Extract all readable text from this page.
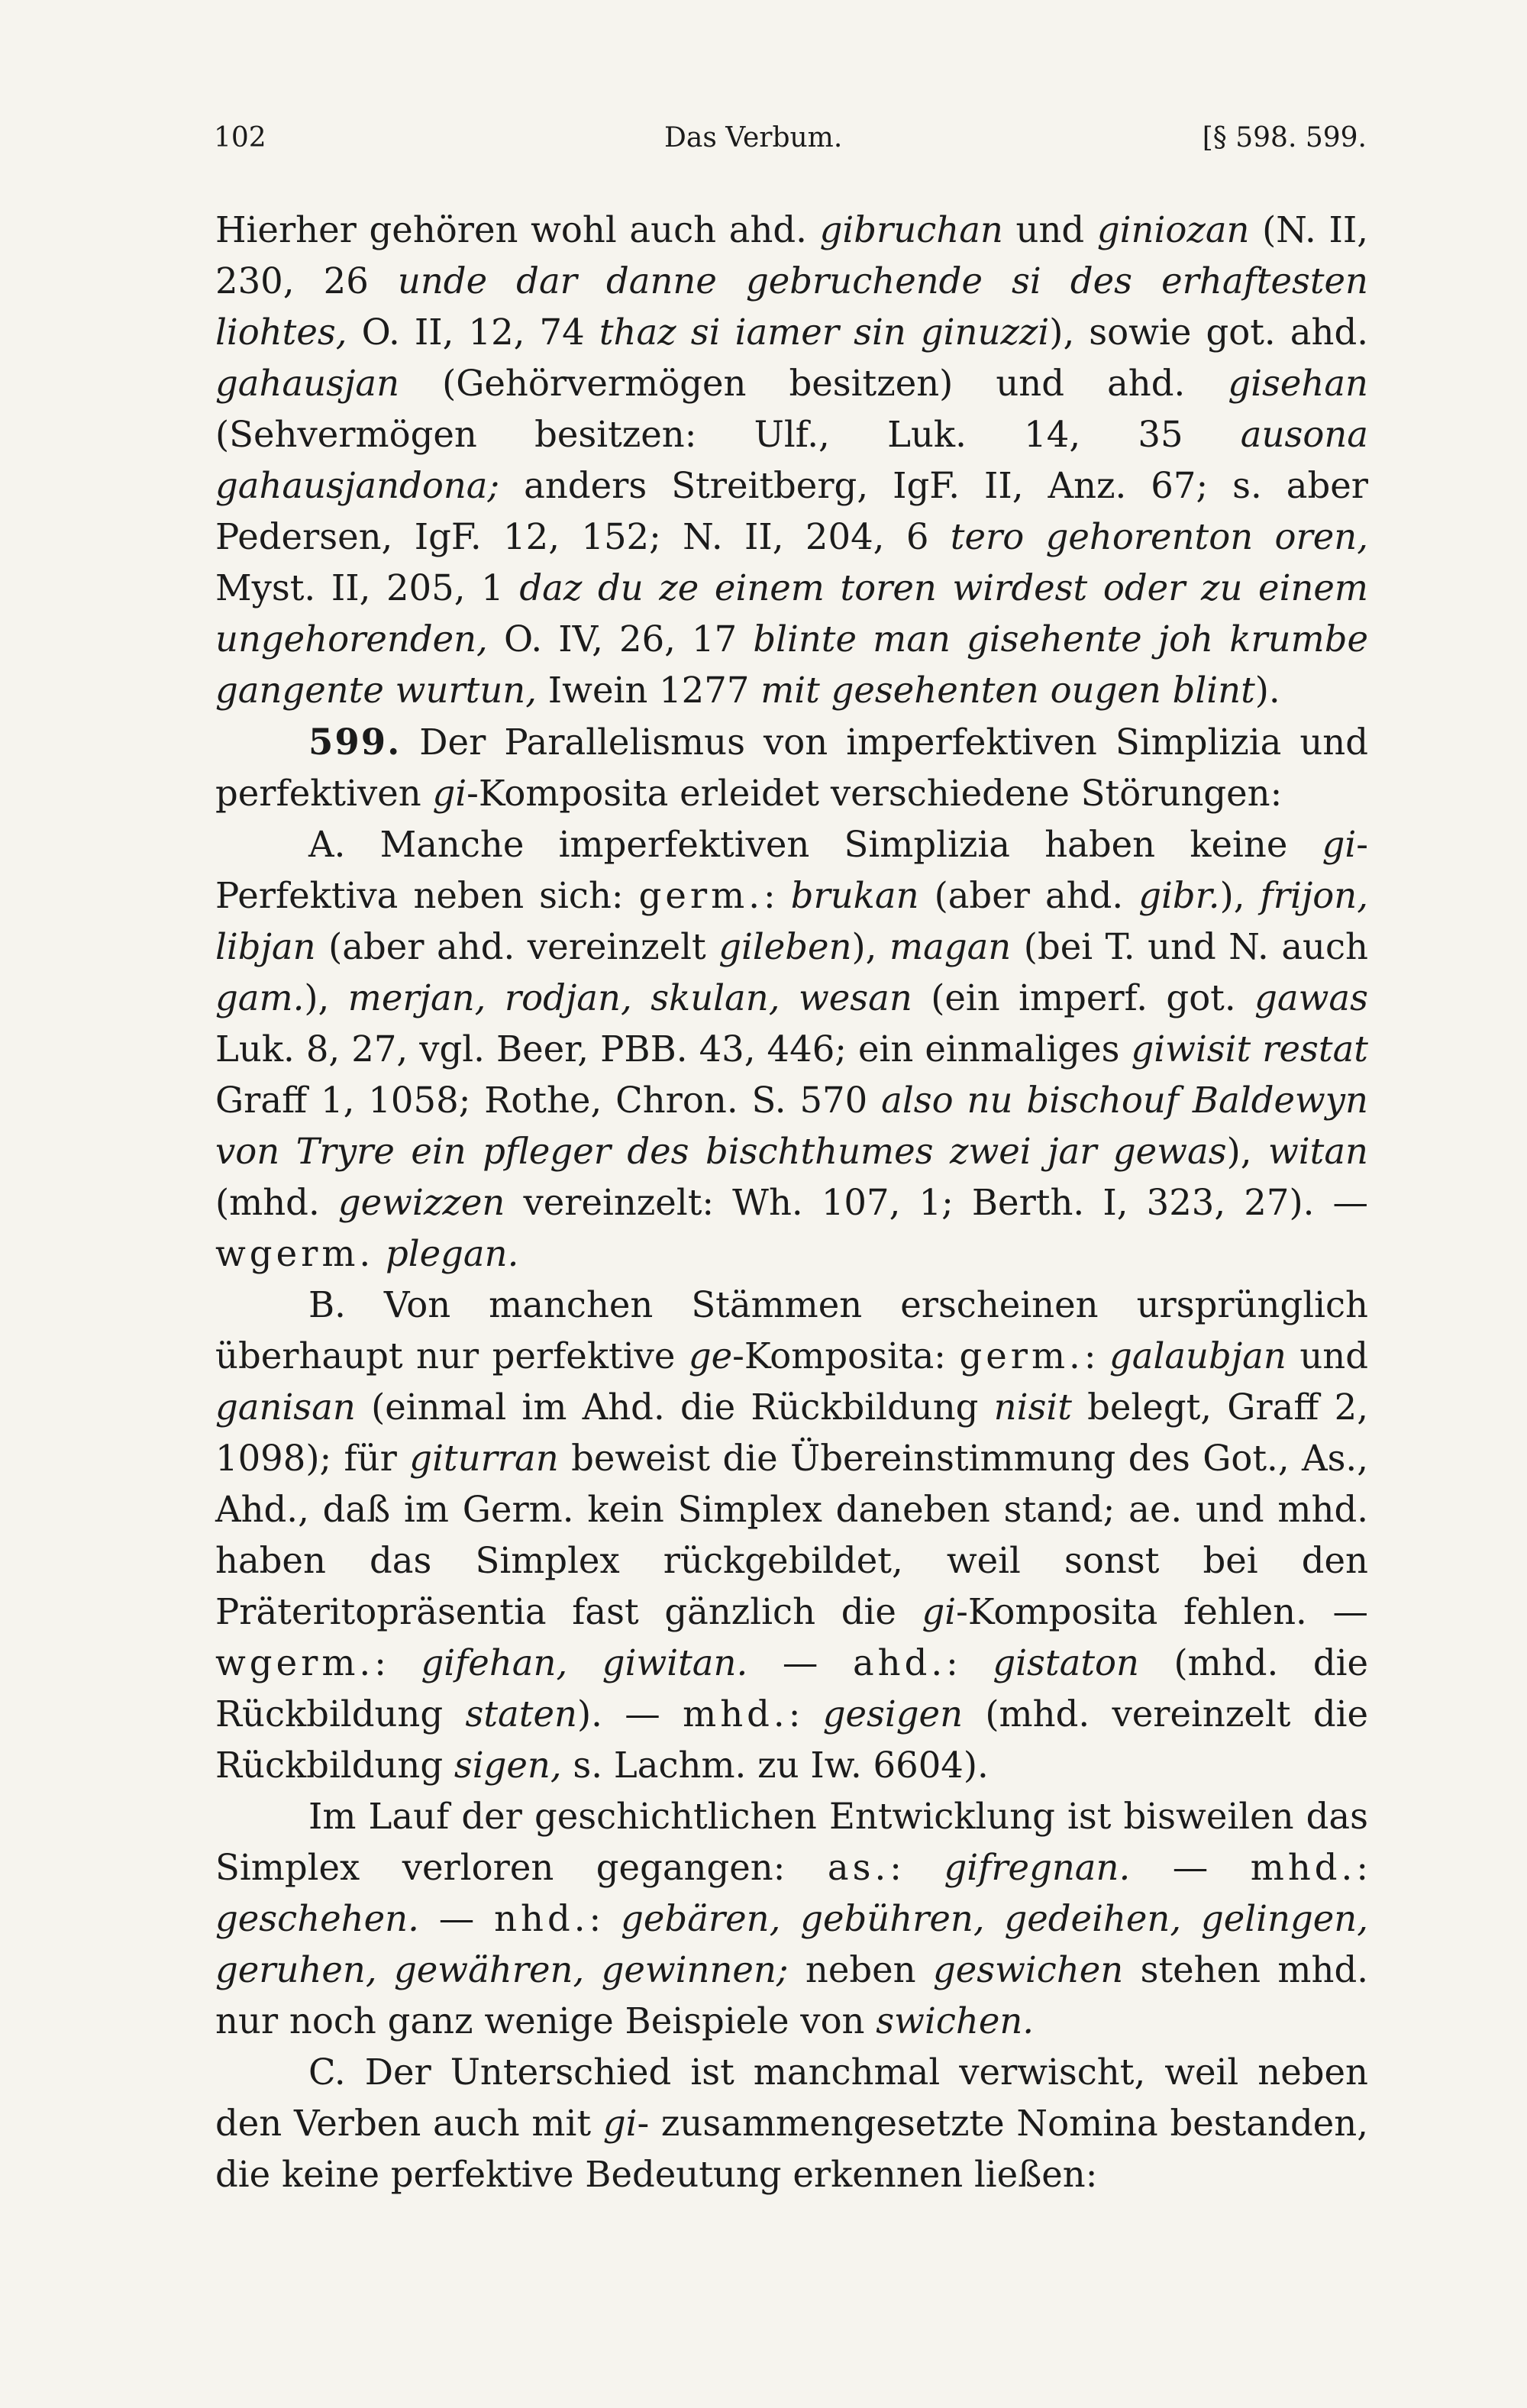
102	Das Verbum.	[§ 598. 599.

Hierher gehören wohl auch ahd. gibruchan und giniozan (N. II, 230, 26 unde dar danne gebruchende si des erhaftesten liohtes, O. II, 12, 74 thaz si iamer sin ginuzzi), sowie got. ahd. gahausjan (Gehörvermögen besitzen) und ahd. gisehan (Sehvermögen besitzen: Ulf., Luk. 14, 35 ausona gahausjandona; anders Streitberg, IgF. II, Anz. 67; s. aber Pedersen, IgF. 12, 152; N. II, 204, 6 tero gehorenton oren, Myst. II, 205, 1 daz du ze einem toren wirdest oder zu einem ungehorenden, O. IV, 26, 17 blinte man gisehente joh krumbe gangente wurtun, Iwein 1277 mit gesehenten ougen blint).

599. Der Parallelismus von imperfektiven Simplizia und perfektiven gi-Komposita erleidet verschiedene Störungen:

A. Manche imperfektiven Simplizia haben keine gi-Perfektiva neben sich: germ.: brukan (aber ahd. gibr.), frijon, libjan (aber ahd. vereinzelt gileben), magan (bei T. und N. auch gam.), merjan, rodjan, skulan, wesan (ein imperf. got. gawas Luk. 8, 27, vgl. Beer, PBB. 43, 446; ein einmaliges giwisit restat Graff 1, 1058; Rothe, Chron. S. 570 also nu bischouf Baldewyn von Tryre ein pfleger des bischthumes zwei jar gewas), witan (mhd. gewizzen vereinzelt: Wh. 107, 1; Berth. I, 323, 27). — wgerm. plegan.

B. Von manchen Stämmen erscheinen ursprünglich überhaupt nur perfektive ge-Komposita: germ.: galaubjan und ganisan (einmal im Ahd. die Rückbildung nisit belegt, Graff 2, 1098); für giturran beweist die Übereinstimmung des Got., As., Ahd., daß im Germ. kein Simplex daneben stand; ae. und mhd. haben das Simplex rückgebildet, weil sonst bei den Präteritopräsentia fast gänzlich die gi-Komposita fehlen. — wgerm.: gifehan, giwitan. — ahd.: gistaton (mhd. die Rückbildung staten). — mhd.: gesigen (mhd. vereinzelt die Rückbildung sigen, s. Lachm. zu Iw. 6604).

Im Lauf der geschichtlichen Entwicklung ist bisweilen das Simplex verloren gegangen: as.: gifregnan. — mhd.: geschehen. — nhd.: gebären, gebühren, gedeihen, gelingen, geruhen, gewähren, gewinnen; neben geswichen stehen mhd. nur noch ganz wenige Beispiele von swichen.

C. Der Unterschied ist manchmal verwischt, weil neben den Verben auch mit gi- zusammengesetzte Nomina bestanden, die keine perfektive Bedeutung erkennen ließen:
